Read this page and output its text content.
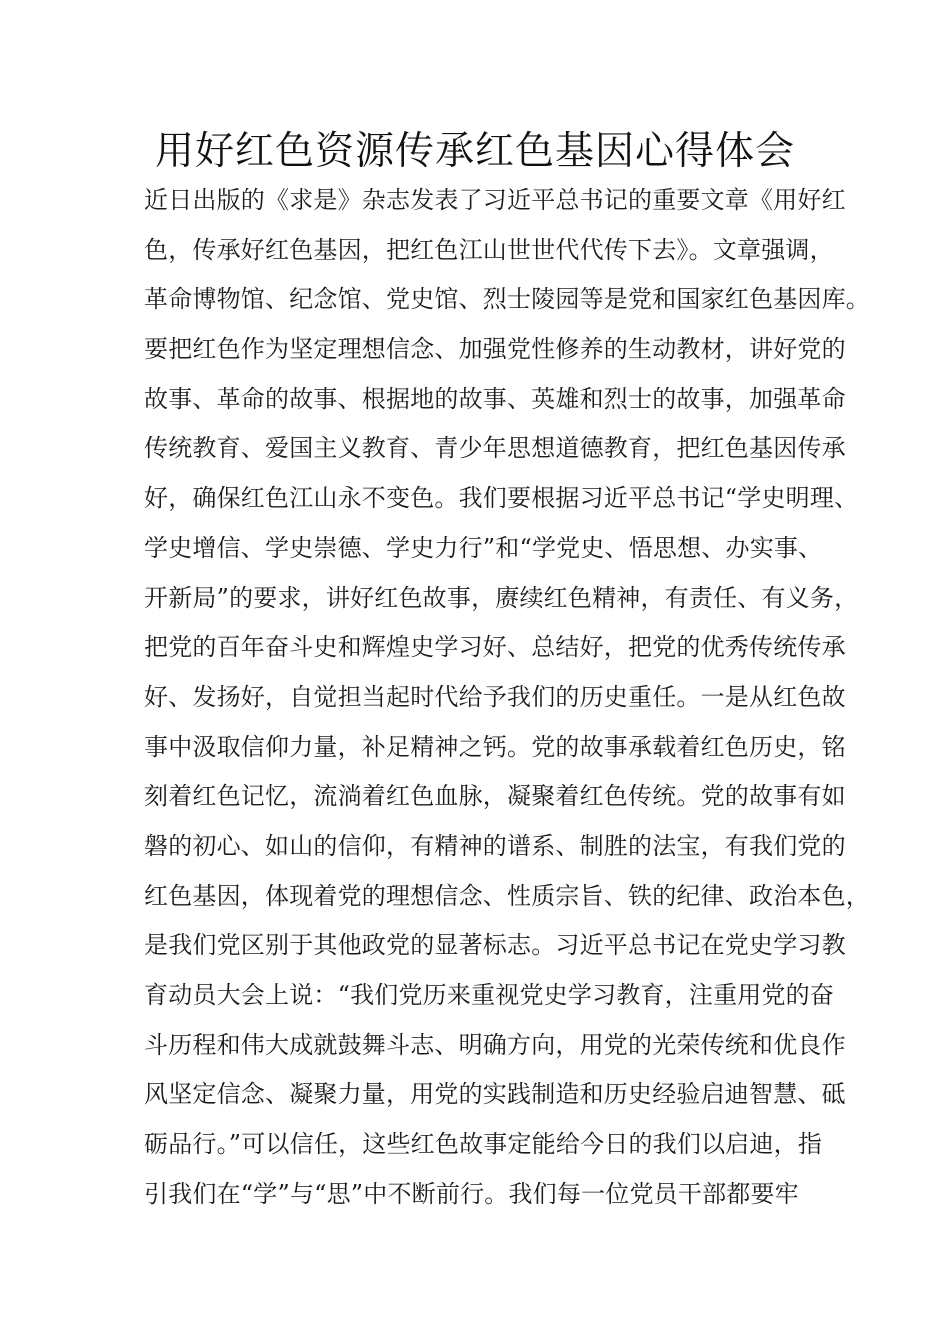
用好红色资源传承红色基因心得体会
近日出版的《求是》杂志发表了习近平总书记的重要文章《用好红
色，传承好红色基因，把红色江山世世代代传下去》。文章强调，
革命博物馆、纪念馆、党史馆、烈士陵园等是党和国家红色基因库。
要把红色作为坚定理想信念、加强党性修养的生动教材，讲好党的
故事、革命的故事、根据地的故事、英雄和烈士的故事，加强革命
传统教育、爱国主义教育、青少年思想道德教育，把红色基因传承
好，确保红色江山永不变色。我们要根据习近平总书记“学史明理、
学史增信、学史崇德、学史力行”和“学党史、悟思想、办实事、
开新局”的要求，讲好红色故事，赓续红色精神，有责任、有义务，
把党的百年奋斗史和辉煌史学习好、总结好，把党的优秀传统传承
好、发扬好，自觉担当起时代给予我们的历史重任。一是从红色故
事中汲取信仰力量，补足精神之钙。党的故事承载着红色历史，铭
刻着红色记忆，流淌着红色血脉，凝聚着红色传统。党的故事有如
磐的初心、如山的信仰，有精神的谱系、制胜的法宝，有我们党的
红色基因，体现着党的理想信念、性质宗旨、铁的纪律、政治本色，
是我们党区别于其他政党的显著标志。习近平总书记在党史学习教
育动员大会上说：“我们党历来重视党史学习教育，注重用党的奋
斗历程和伟大成就鼓舞斗志、明确方向，用党的光荣传统和优良作
风坚定信念、凝聚力量，用党的实践制造和历史经验启迪智慧、砥
砺品行。”可以信任，这些红色故事定能给今日的我们以启迪，指
引我们在“学”与“思”中不断前行。我们每一位党员干部都要牢
